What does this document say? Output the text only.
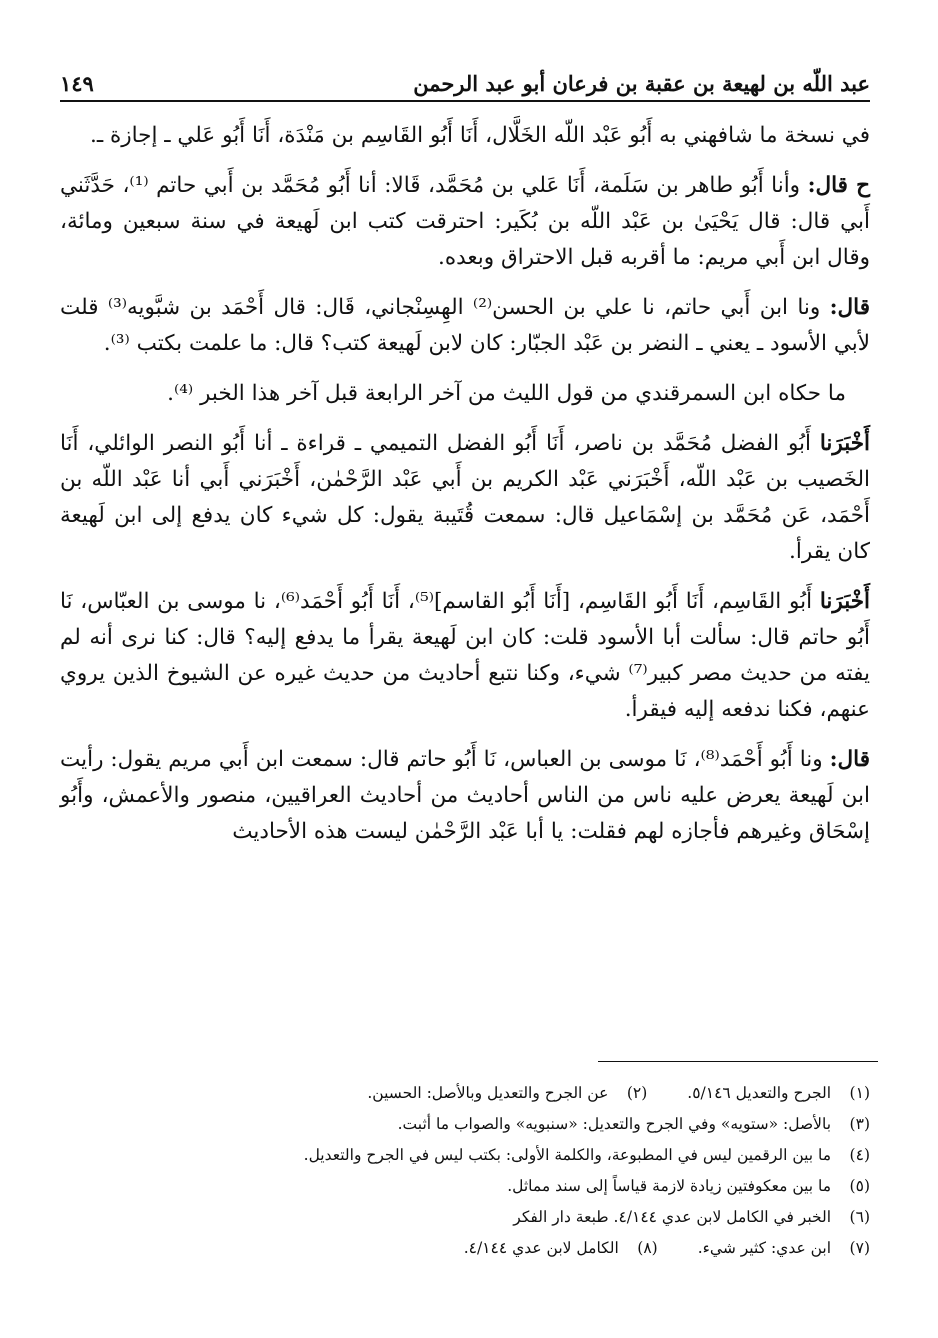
عبد اللّه بن لهيعة بن عقبة بن فرعان أبو عبد الرحمن
١٤٩

في نسخة ما شافهني به أَبُو عَبْد اللّه الخَلَّال، أَنَا أَبُو القَاسِم بن مَنْدَة، أَنَا أَبُو عَلي ـ إجازة ـ.

ح قال: وأنا أَبُو طاهر بن سَلَمة، أَنَا عَلي بن مُحَمَّد، قَالا: أنا أَبُو مُحَمَّد بن أَبي حاتم ⁽¹⁾، حَدَّثَني أَبي قال: قال يَحْيَىٰ بن عَبْد اللّه بن بُكَير: احترقت كتب ابن لَهيعة في سنة سبعين ومائة، وقال ابن أَبي مريم: ما أقربه قبل الاحتراق وبعده.

قال: ونا ابن أَبي حاتم، نا علي بن الحسن⁽²⁾ الهِسِنْجاني، قَال: قال أَحْمَد بن شبَّويه⁽³⁾ قلت لأبي الأسود ـ يعني ـ النضر بن عَبْد الجبّار: كان لابن لَهيعة كتب؟ قال: ما علمت بكتب ⁽³⁾.

ما حكاه ابن السمرقندي من قول الليث من آخر الرابعة قبل آخر هذا الخبر ⁽⁴⁾.

أَخْبَرَنا أَبُو الفضل مُحَمَّد بن ناصر، أَنَا أَبُو الفضل التميمي ـ قراءة ـ أنا أَبُو النصر الوائلي، أَنَا الخَصيب بن عَبْد اللّه، أَخْبَرَني عَبْد الكريم بن أَبي عَبْد الرَّحْمٰن، أَخْبَرَني أَبي أنا عَبْد اللّه بن أَحْمَد، عَن مُحَمَّد بن إسْمَاعيل قال: سمعت قُتَيبة يقول: كل شيء كان يدفع إلى ابن لَهيعة كان يقرأ.

أَخْبَرَنا أَبُو القَاسِم، أَنَا أَبُو القَاسِم، [أَنَا أَبُو القاسم]⁽⁵⁾، أَنَا أَبُو أَحْمَد⁽⁶⁾، نا موسى بن العبّاس، نَا أَبُو حاتم قال: سألت أبا الأسود قلت: كان ابن لَهيعة يقرأ ما يدفع إليه؟ قال: كنا نرى أنه لم يفته من حديث مصر كبير⁽⁷⁾ شيء، وكنا نتبع أحاديث من حديث غيره عن الشيوخ الذين يروي عنهم، فكنا ندفعه إليه فيقرأ.

قال: ونا أَبُو أَحْمَد⁽⁸⁾، نَا موسى بن العباس، نَا أَبُو حاتم قال: سمعت ابن أَبي مريم يقول: رأيت ابن لَهيعة يعرض عليه ناس من الناس أحاديث من أحاديث العراقيين، منصور والأعمش، وأَبُو إسْحَاق وغيرهم فأجازه لهم فقلت: يا أبا عَبْد الرَّحْمٰن ليست هذه الأحاديث

(١) الجرح والتعديل ٥/١٤٦.
(٢) عن الجرح والتعديل وبالأصل: الحسين.
(٣) بالأصل: «ستويه» وفي الجرح والتعديل: «سنبويه» والصواب ما أثبت.
(٤) ما بين الرقمين ليس في المطبوعة، والكلمة الأولى: بكتب ليس في الجرح والتعديل.
(٥) ما بين معكوفتين زيادة لازمة قياساً إلى سند مماثل.
(٦) الخبر في الكامل لابن عدي ٤/١٤٤. طبعة دار الفكر
(٧) ابن عدي: كثير شيء.
(٨) الكامل لابن عدي ٤/١٤٤.
